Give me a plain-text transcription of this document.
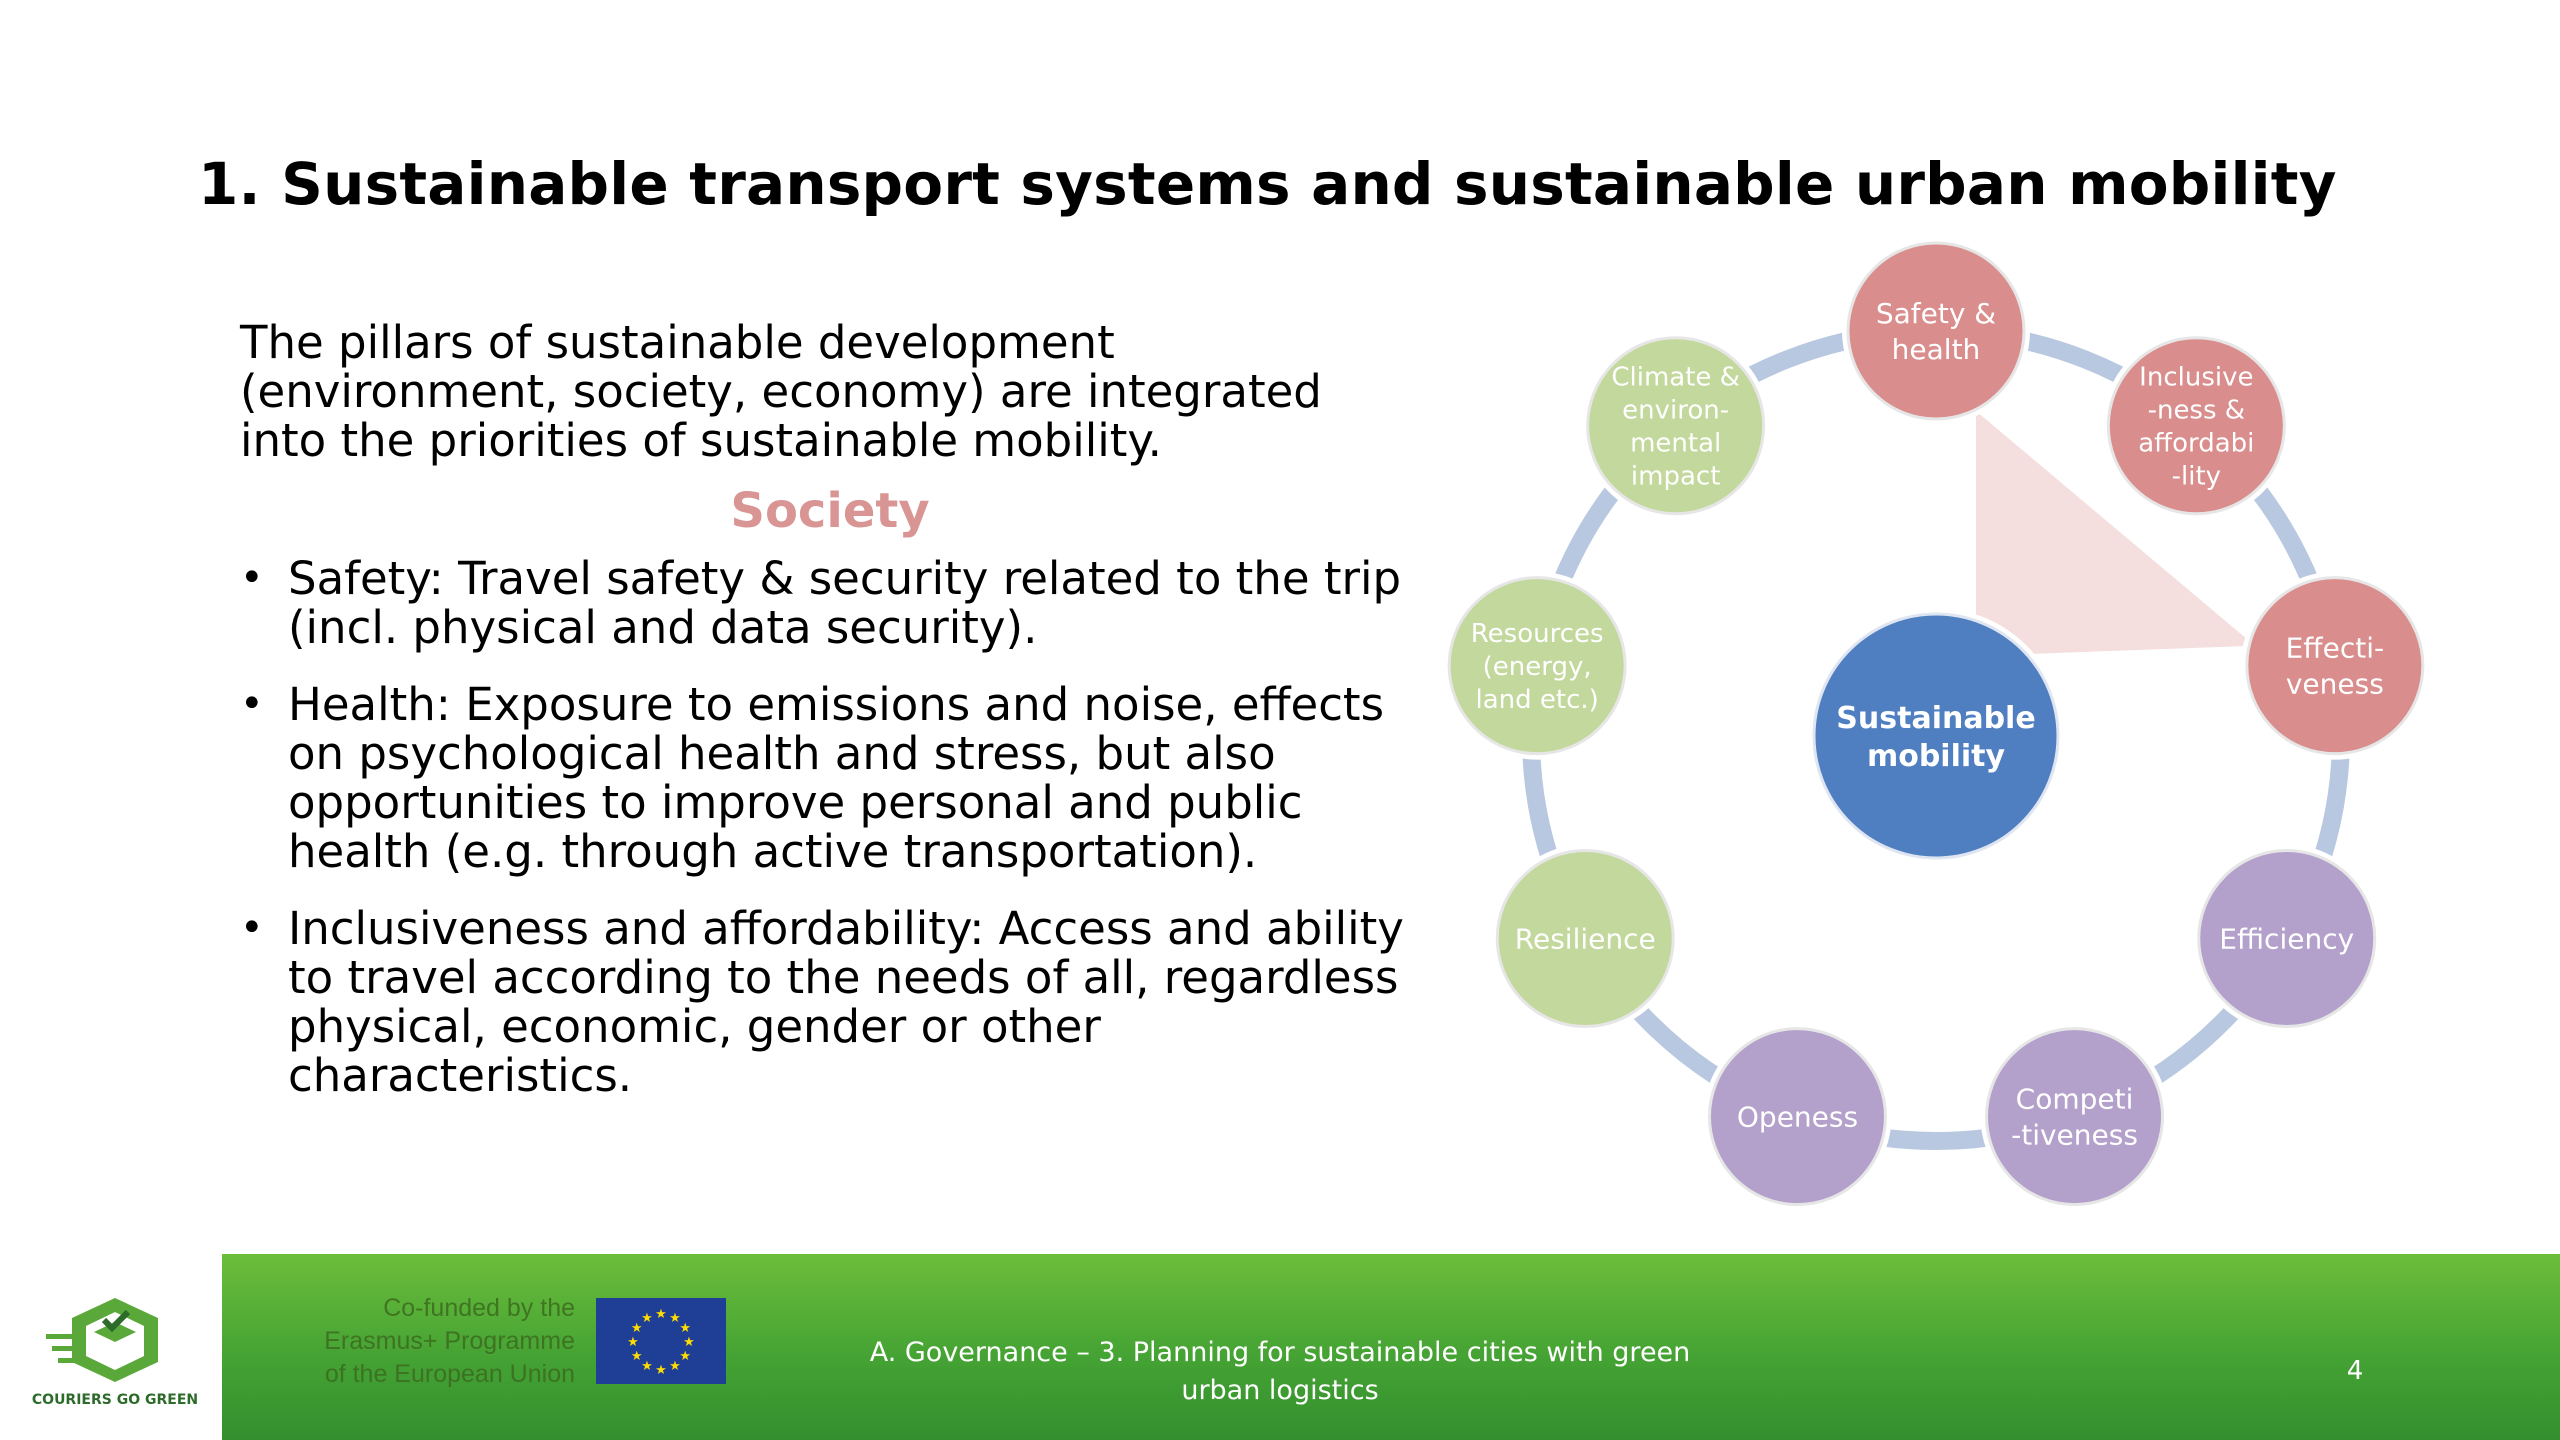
1. Sustainable transport systems and sustainable urban mobility

The pillars of sustainable development (environment, society, economy) are integrated into the priorities of sustainable mobility.

Society
• Safety: Travel safety & security related to the trip (incl. physical and data security).
• Health: Exposure to emissions and noise, effects on psychological health and stress, but also opportunities to improve personal and public health (e.g. through active transportation).
• Inclusiveness and affordability: Access and ability to travel according to the needs of all, regardless physical, economic, gender or other characteristics.
Safety &
health
Inclusive
-ness &
affordabi
-lity
Effecti-
veness
Efficiency
Competi
-tiveness
Openess
Resilience
Resources
(energy,
land etc.)
Climate &
environ-
mental
impact
Sustainable
mobility
COURIERS GO GREEN
Co-funded by the
Erasmus+ Programme
of the European Union
★ ★
★
★
★
★
★
★
★
★
★
★
A. Governance – 3. Planning for sustainable cities with green
urban logistics
4
